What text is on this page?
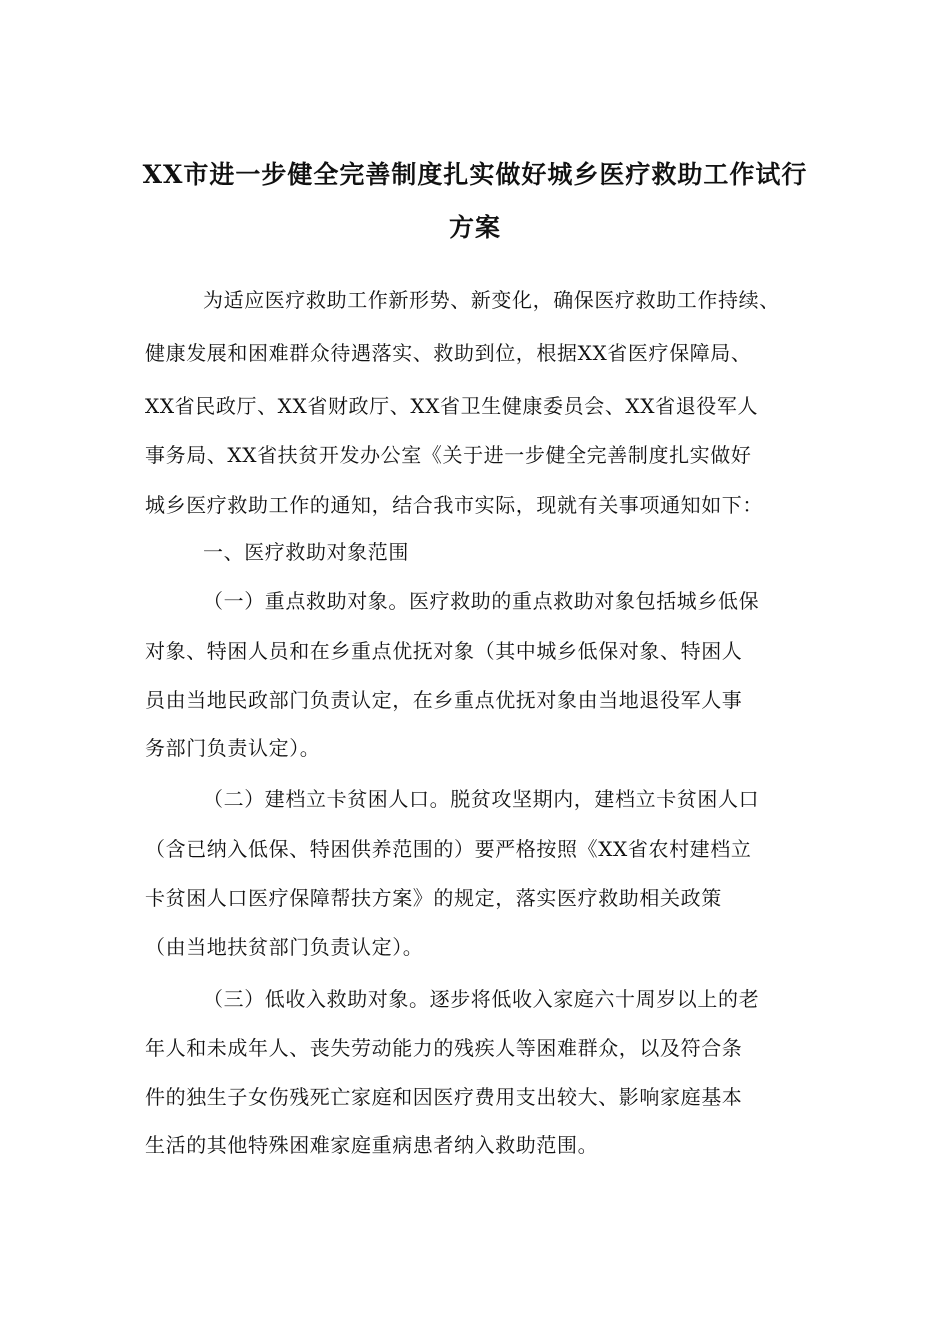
XX市进一步健全完善制度扎实做好城乡医疗救助工作试行
方案
为适应医疗救助工作新形势、新变化，确保医疗救助工作持续、
健康发展和困难群众待遇落实、救助到位，根据XX省医疗保障局、
XX省民政厅、XX省财政厅、XX省卫生健康委员会、XX省退役军人
事务局、XX省扶贫开发办公室《关于进一步健全完善制度扎实做好
城乡医疗救助工作的通知，结合我市实际，现就有关事项通知如下：
一、医疗救助对象范围
（一）重点救助对象。医疗救助的重点救助对象包括城乡低保
对象、特困人员和在乡重点优抚对象（其中城乡低保对象、特困人
员由当地民政部门负责认定，在乡重点优抚对象由当地退役军人事
务部门负责认定）。
（二）建档立卡贫困人口。脱贫攻坚期内，建档立卡贫困人口
（含已纳入低保、特困供养范围的）要严格按照《XX省农村建档立
卡贫困人口医疗保障帮扶方案》的规定，落实医疗救助相关政策
（由当地扶贫部门负责认定）。
（三）低收入救助对象。逐步将低收入家庭六十周岁以上的老
年人和未成年人、丧失劳动能力的残疾人等困难群众，以及符合条
件的独生子女伤残死亡家庭和因医疗费用支出较大、影响家庭基本
生活的其他特殊困难家庭重病患者纳入救助范围。
